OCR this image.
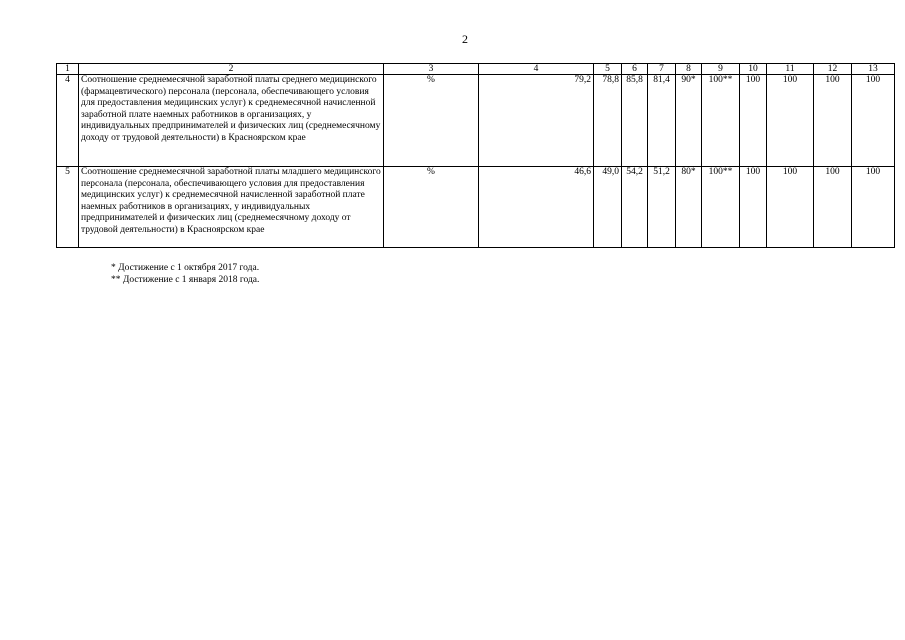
2
1	2	3	4	5	6	7	8	9	10	11	12	13
4	Соотношение среднемесячной заработной платы среднего медицинского (фармацевтического) персонала (персонала, обеспечивающего условия для предоставления медицинских услуг) к среднемесячной начисленной заработной плате наемных работников в организациях, у индивидуальных предпринимателей и физических лиц (среднемесячному доходу от трудовой деятельности) в Красноярском крае	%	79,2	78,8	85,8	81,4	90*	100**	100	100	100	100
5	Соотношение среднемесячной заработной платы младшего медицинского персонала (персонала, обеспечивающего условия для предоставления медицинских услуг) к среднемесячной начисленной заработной плате наемных работников в организациях, у индивидуальных предпринимателей и физических лиц (среднемесячному доходу от трудовой деятельности) в Красноярском крае	%	46,6	49,0	54,2	51,2	80*	100**	100	100	100	100
* Достижение с 1 октября 2017 года.
** Достижение с 1 января 2018 года.
